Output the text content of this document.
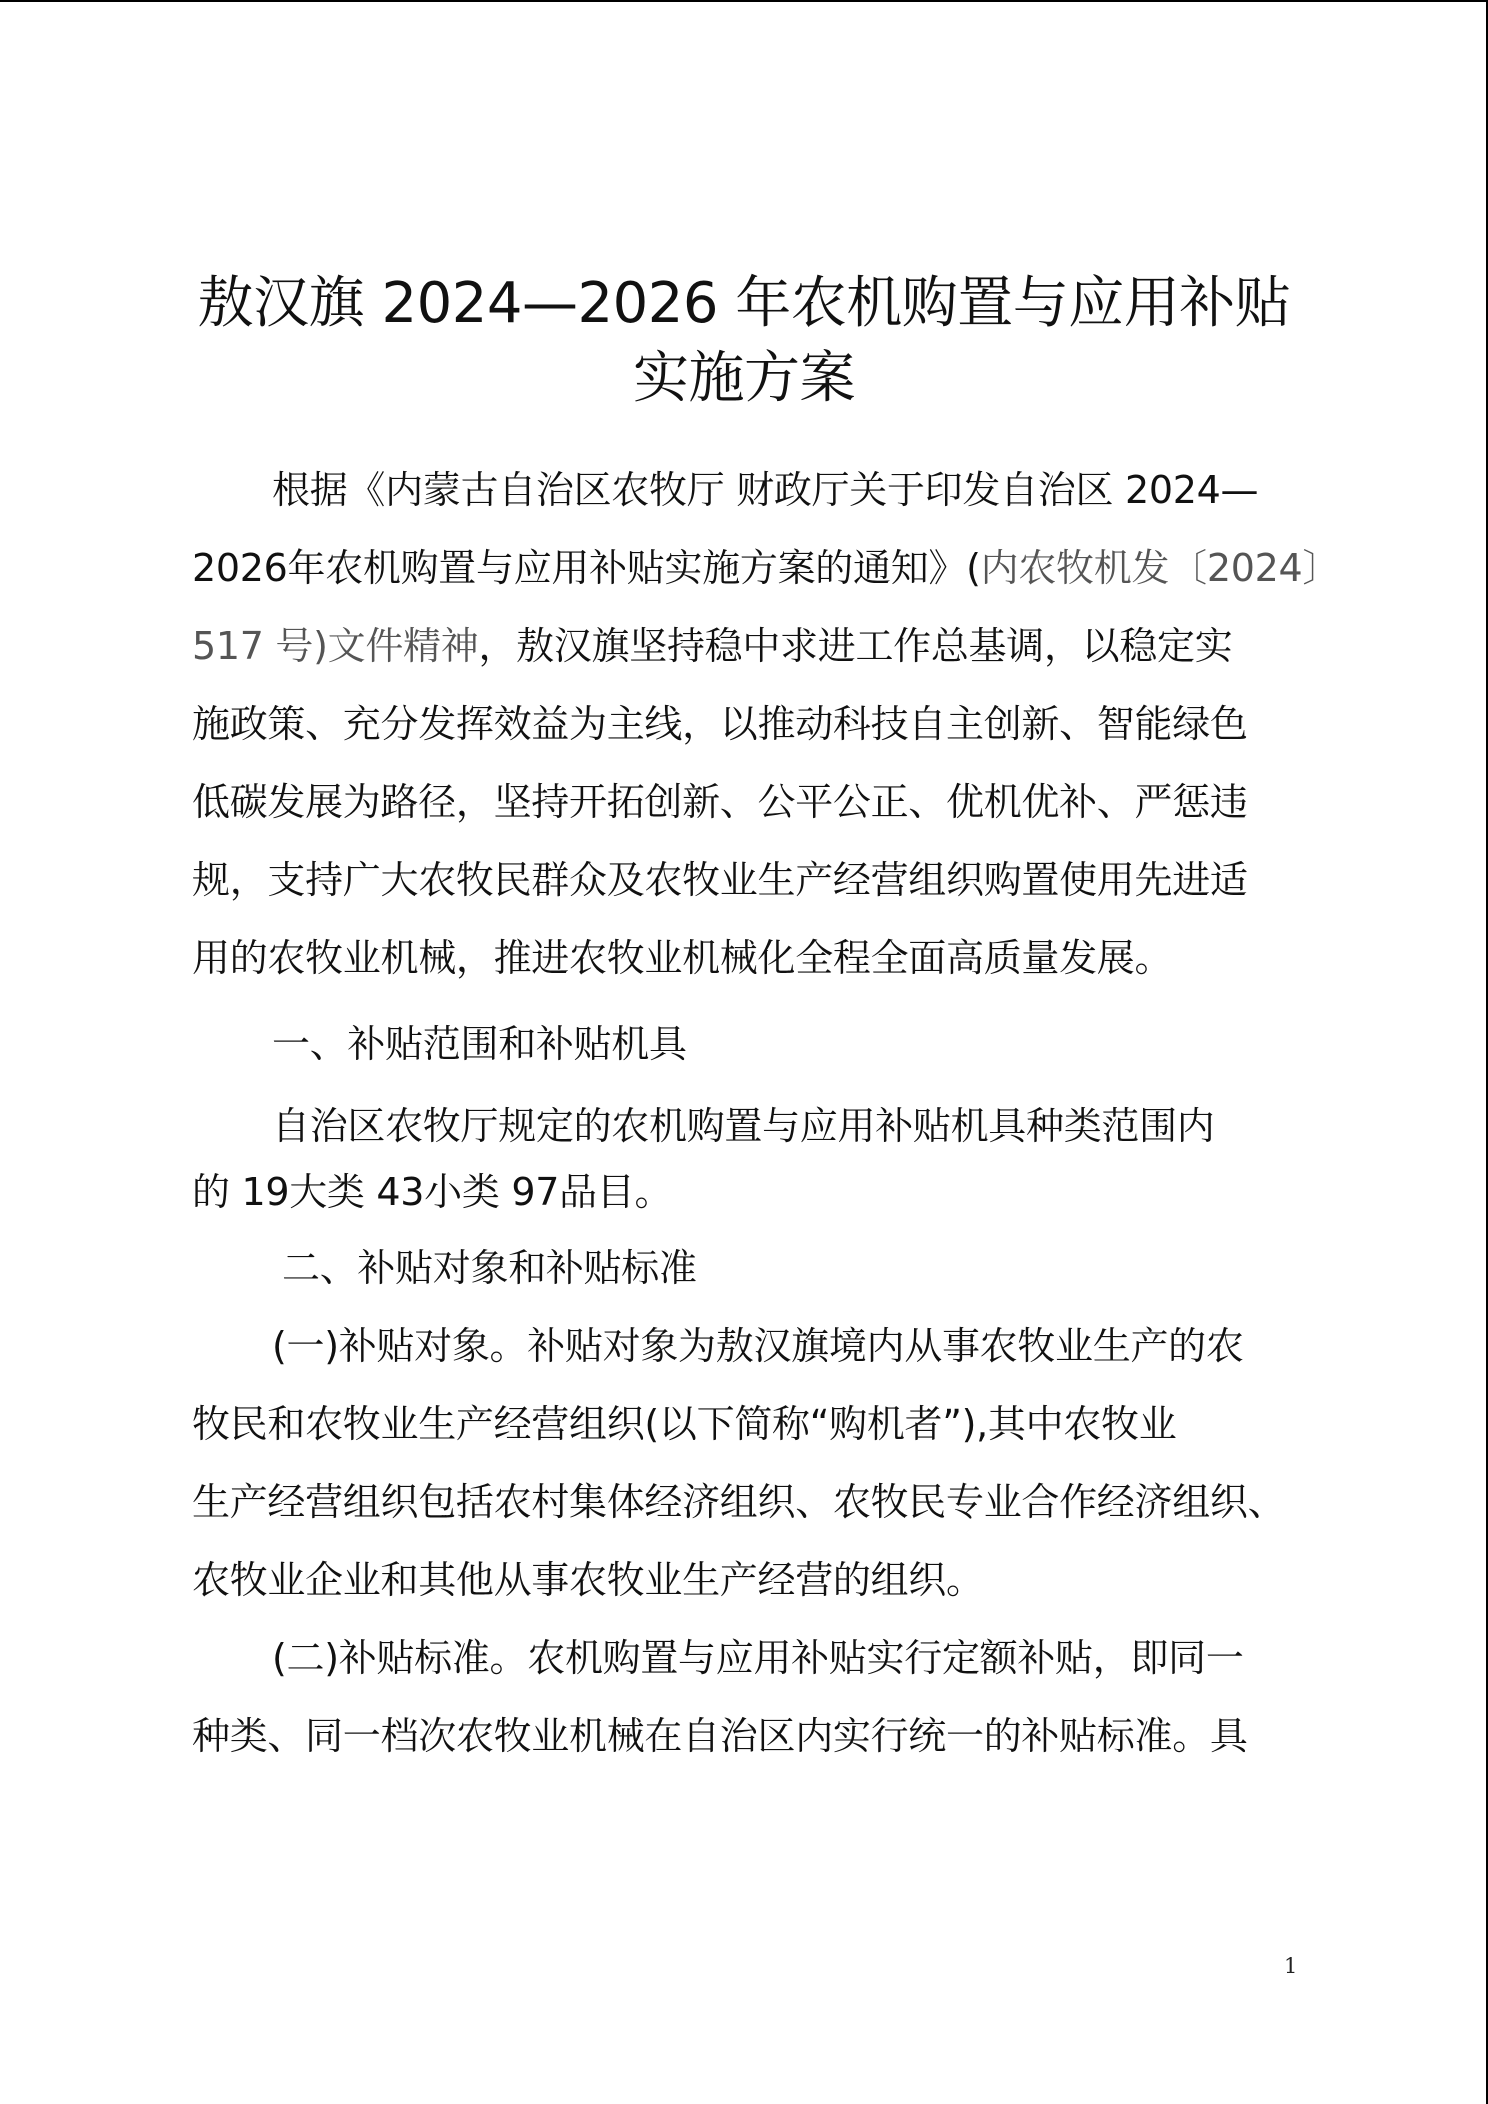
敖汉旗 2024—2026 年农机购置与应用补贴
实施方案
根据《内蒙古自治区农牧厅 财政厅关于印发自治区 2024—
2026年农机购置与应用补贴实施方案的通知》(内农牧机发〔2024〕
517 号)文件精神，敖汉旗坚持稳中求进工作总基调，以稳定实
施政策、充分发挥效益为主线，以推动科技自主创新、智能绿色
低碳发展为路径，坚持开拓创新、公平公正、优机优补、严惩违
规，支持广大农牧民群众及农牧业生产经营组织购置使用先进适
用的农牧业机械，推进农牧业机械化全程全面高质量发展。
一、补贴范围和补贴机具
自治区农牧厅规定的农机购置与应用补贴机具种类范围内
的 19大类 43小类 97品目。
二、补贴对象和补贴标准
(一)补贴对象。补贴对象为敖汉旗境内从事农牧业生产的农
牧民和农牧业生产经营组织(以下简称“购机者”),其中农牧业
生产经营组织包括农村集体经济组织、农牧民专业合作经济组织、
农牧业企业和其他从事农牧业生产经营的组织。
(二)补贴标准。农机购置与应用补贴实行定额补贴，即同一
种类、同一档次农牧业机械在自治区内实行统一的补贴标准。具
1
